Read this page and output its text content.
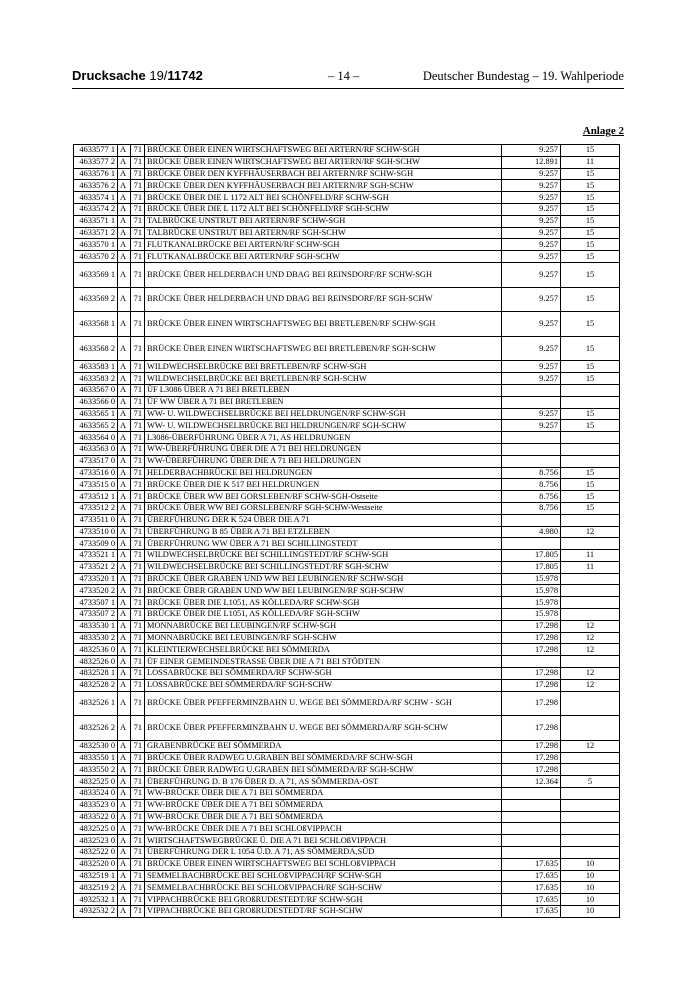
Drucksache 19/11742	– 14 –	Deutscher Bundestag – 19. Wahlperiode
Anlage 2
4633577 1	A	71	BRÜCKE ÜBER EINEN WIRTSCHAFTSWEG BEI ARTERN/RF SCHW-SGH	9.257	15
4633577 2	A	71	BRÜCKE ÜBER EINEN WIRTSCHAFTSWEG BEI ARTERN/RF SGH-SCHW	12.891	11
4633576 1	A	71	BRÜCKE ÜBER DEN KYFFHÄUSERBACH BEI ARTERN/RF SCHW-SGH	9.257	15
4633576 2	A	71	BRÜCKE ÜBER DEN KYFFHÄUSERBACH BEI ARTERN/RF SGH-SCHW	9.257	15
4633574 1	A	71	BRÜCKE ÜBER DIE L 1172 ALT BEI SCHÖNFELD/RF SCHW-SGH	9.257	15
4633574 2	A	71	BRÜCKE ÜBER DIE L 1172 ALT BEI SCHÖNFELD/RF SGH-SCHW	9.257	15
4633571 1	A	71	TALBRÜCKE UNSTRUT BEI ARTERN/RF SCHW-SGH	9.257	15
4633571 2	A	71	TALBRÜCKE UNSTRUT BEI ARTERN/RF SGH-SCHW	9.257	15
4633570 1	A	71	FLUTKANALBRÜCKE BEI ARTERN/RF SCHW-SGH	9.257	15
4633570 2	A	71	FLUTKANALBRÜCKE BEI ARTERN/RF SGH-SCHW	9.257	15
4633569 1	A	71	BRÜCKE ÜBER HELDERBACH UND DBAG BEI REINSDORF/RF SCHW-SGH	9.257	15
4633569 2	A	71	BRÜCKE ÜBER HELDERBACH UND DBAG BEI REINSDORF/RF SGH-SCHW	9.257	15
4633568 1	A	71	BRÜCKE ÜBER EINEN WIRTSCHAFTSWEG BEI BRETLEBEN/RF SCHW-SGH	9.257	15
4633568 2	A	71	BRÜCKE ÜBER EINEN WIRTSCHAFTSWEG BEI BRETLEBEN/RF SGH-SCHW	9.257	15
4633583 1	A	71	WILDWECHSELBRÜCKE BEI BRETLEBEN/RF SCHW-SGH	9.257	15
4633583 2	A	71	WILDWECHSELBRÜCKE BEI BRETLEBEN/RF SGH-SCHW	9.257	15
4633567 0	A	71	ÜF L3086 ÜBER A 71 BEI BRETLEBEN		
4633566 0	A	71	ÜF WW ÜBER A 71 BEI BRETLEBEN		
4633565 1	A	71	WW- U. WILDWECHSELBRÜCKE BEI HELDRUNGEN/RF SCHW-SGH	9.257	15
4633565 2	A	71	WW- U. WILDWECHSELBRÜCKE BEI HELDRUNGEN/RF SGH-SCHW	9.257	15
4633564 0	A	71	L3086-ÜBERFÜHRUNG ÜBER A 71, AS HELDRUNGEN		
4633563 0	A	71	WW-ÜBERFÜHRUNG ÜBER DIE A 71 BEI HELDRUNGEN		
4733517 0	A	71	WW-ÜBERFÜHRUNG ÜBER DIE A 71 BEI HELDRUNGEN		
4733516 0	A	71	HELDERBACHBRÜCKE BEI HELDRUNGEN	8.756	15
4733515 0	A	71	BRÜCKE ÜBER DIE K 517 BEI HELDRUNGEN	8.756	15
4733512 1	A	71	BRÜCKE ÜBER WW BEI GORSLEBEN/RF SCHW-SGH-Ostseite	8.756	15
4733512 2	A	71	BRÜCKE ÜBER WW BEI GORSLEBEN/RF SGH-SCHW-Westseite	8.756	15
4733511 0	A	71	ÜBERFÜHRUNG DER K 524 ÜBER DIE A 71		
4733510 0	A	71	ÜBERFÜHRUNG B 85 ÜBER A 71 BEI ETZLEBEN	4.980	12
4733509 0	A	71	ÜBERFÜHRUNG WW ÜBER A 71 BEI SCHILLINGSTEDT		
4733521 1	A	71	WILDWECHSELBRÜCKE BEI SCHILLINGSTEDT/RF SCHW-SGH	17.805	11
4733521 2	A	71	WILDWECHSELBRÜCKE BEI SCHILLINGSTEDT/RF SGH-SCHW	17.805	11
4733520 1	A	71	BRÜCKE ÜBER GRABEN UND WW BEI LEUBINGEN/RF SCHW-SGH	15.978	
4733520 2	A	71	BRÜCKE ÜBER GRABEN UND WW BEI LEUBINGEN/RF SGH-SCHW	15.978	
4733507 1	A	71	BRÜCKE ÜBER DIE L1051, AS KÖLLEDA/RF SCHW-SGH	15.978	
4733507 2	A	71	BRÜCKE ÜBER DIE L1051, AS KÖLLEDA/RF SGH-SCHW	15.978	
4833530 1	A	71	MONNABRÜCKE BEI LEUBINGEN/RF SCHW-SGH	17.298	12
4833530 2	A	71	MONNABRÜCKE BEI LEUBINGEN/RF SGH-SCHW	17.298	12
4832536 0	A	71	KLEINTIERWECHSELBRÜCKE BEI SÖMMERDA	17.298	12
4832526 0	A	71	ÜF EINER GEMEINDESTRASSE ÜBER DIE A 71 BEI STÖDTEN		
4832528 1	A	71	LOSSABRÜCKE BEI SÖMMERDA/RF SCHW-SGH	17.298	12
4832528 2	A	71	LOSSABRÜCKE BEI SÖMMERDA/RF SGH-SCHW	17.298	12
4832526 1	A	71	BRÜCKE ÜBER PFEFFERMINZBAHN U. WEGE BEI SÖMMERDA/RF SCHW - SGH	17.298	
4832526 2	A	71	BRÜCKE ÜBER PFEFFERMINZBAHN U. WEGE BEI SÖMMERDA/RF SGH-SCHW	17.298	
4832530 0	A	71	GRABENBRÜCKE BEI SÖMMERDA	17.298	12
4833550 1	A	71	BRÜCKE ÜBER RADWEG U.GRABEN BEI SÖMMERDA/RF SCHW-SGH	17.298	
4833550 2	A	71	BRÜCKE ÜBER RADWEG U.GRABEN BEI SÖMMERDA/RF SGH-SCHW	17.298	
4832525 0	A	71	ÜBERFÜHRUNG D. B 176 ÜBER D. A 71, AS SÖMMERDA-OST	12.364	5
4833524 0	A	71	WW-BRÜCKE ÜBER DIE A 71 BEI SÖMMERDA		
4833523 0	A	71	WW-BRÜCKE ÜBER DIE A 71 BEI SÖMMERDA		
4833522 0	A	71	WW-BRÜCKE ÜBER DIE A 71 BEI SÖMMERDA		
4832525 0	A	71	WW-BRÜCKE ÜBER DIE A 71 BEI SCHLOßVIPPACH		
4832523 0	A	71	WIRTSCHAFTSWEGBRÜCKE Ü. DIE A 71 BEI SCHLOßVIPPACH		
4832522 0	A	71	ÜBERFÜHRUNG DER L 1054 Ü.D. A 71, AS SÖMMERDA,SÜD		
4832520 0	A	71	BRÜCKE ÜBER EINEN WIRTSCHAFTSWEG BEI SCHLOßVIPPACH	17.635	10
4832519 1	A	71	SEMMELBACHBRÜCKE BEI SCHLOßVIPPACH/RF SCHW-SGH	17.635	10
4832519 2	A	71	SEMMELBACHBRÜCKE BEI SCHLOßVIPPACH/RF SGH-SCHW	17.635	10
4932532 1	A	71	VIPPACHBRÜCKE BEI GROßRUDESTEDT/RF SCHW-SGH	17.635	10
4932532 2	A	71	VIPPACHBRÜCKE BEI GROßRUDESTEDT/RF SGH-SCHW	17.635	10
